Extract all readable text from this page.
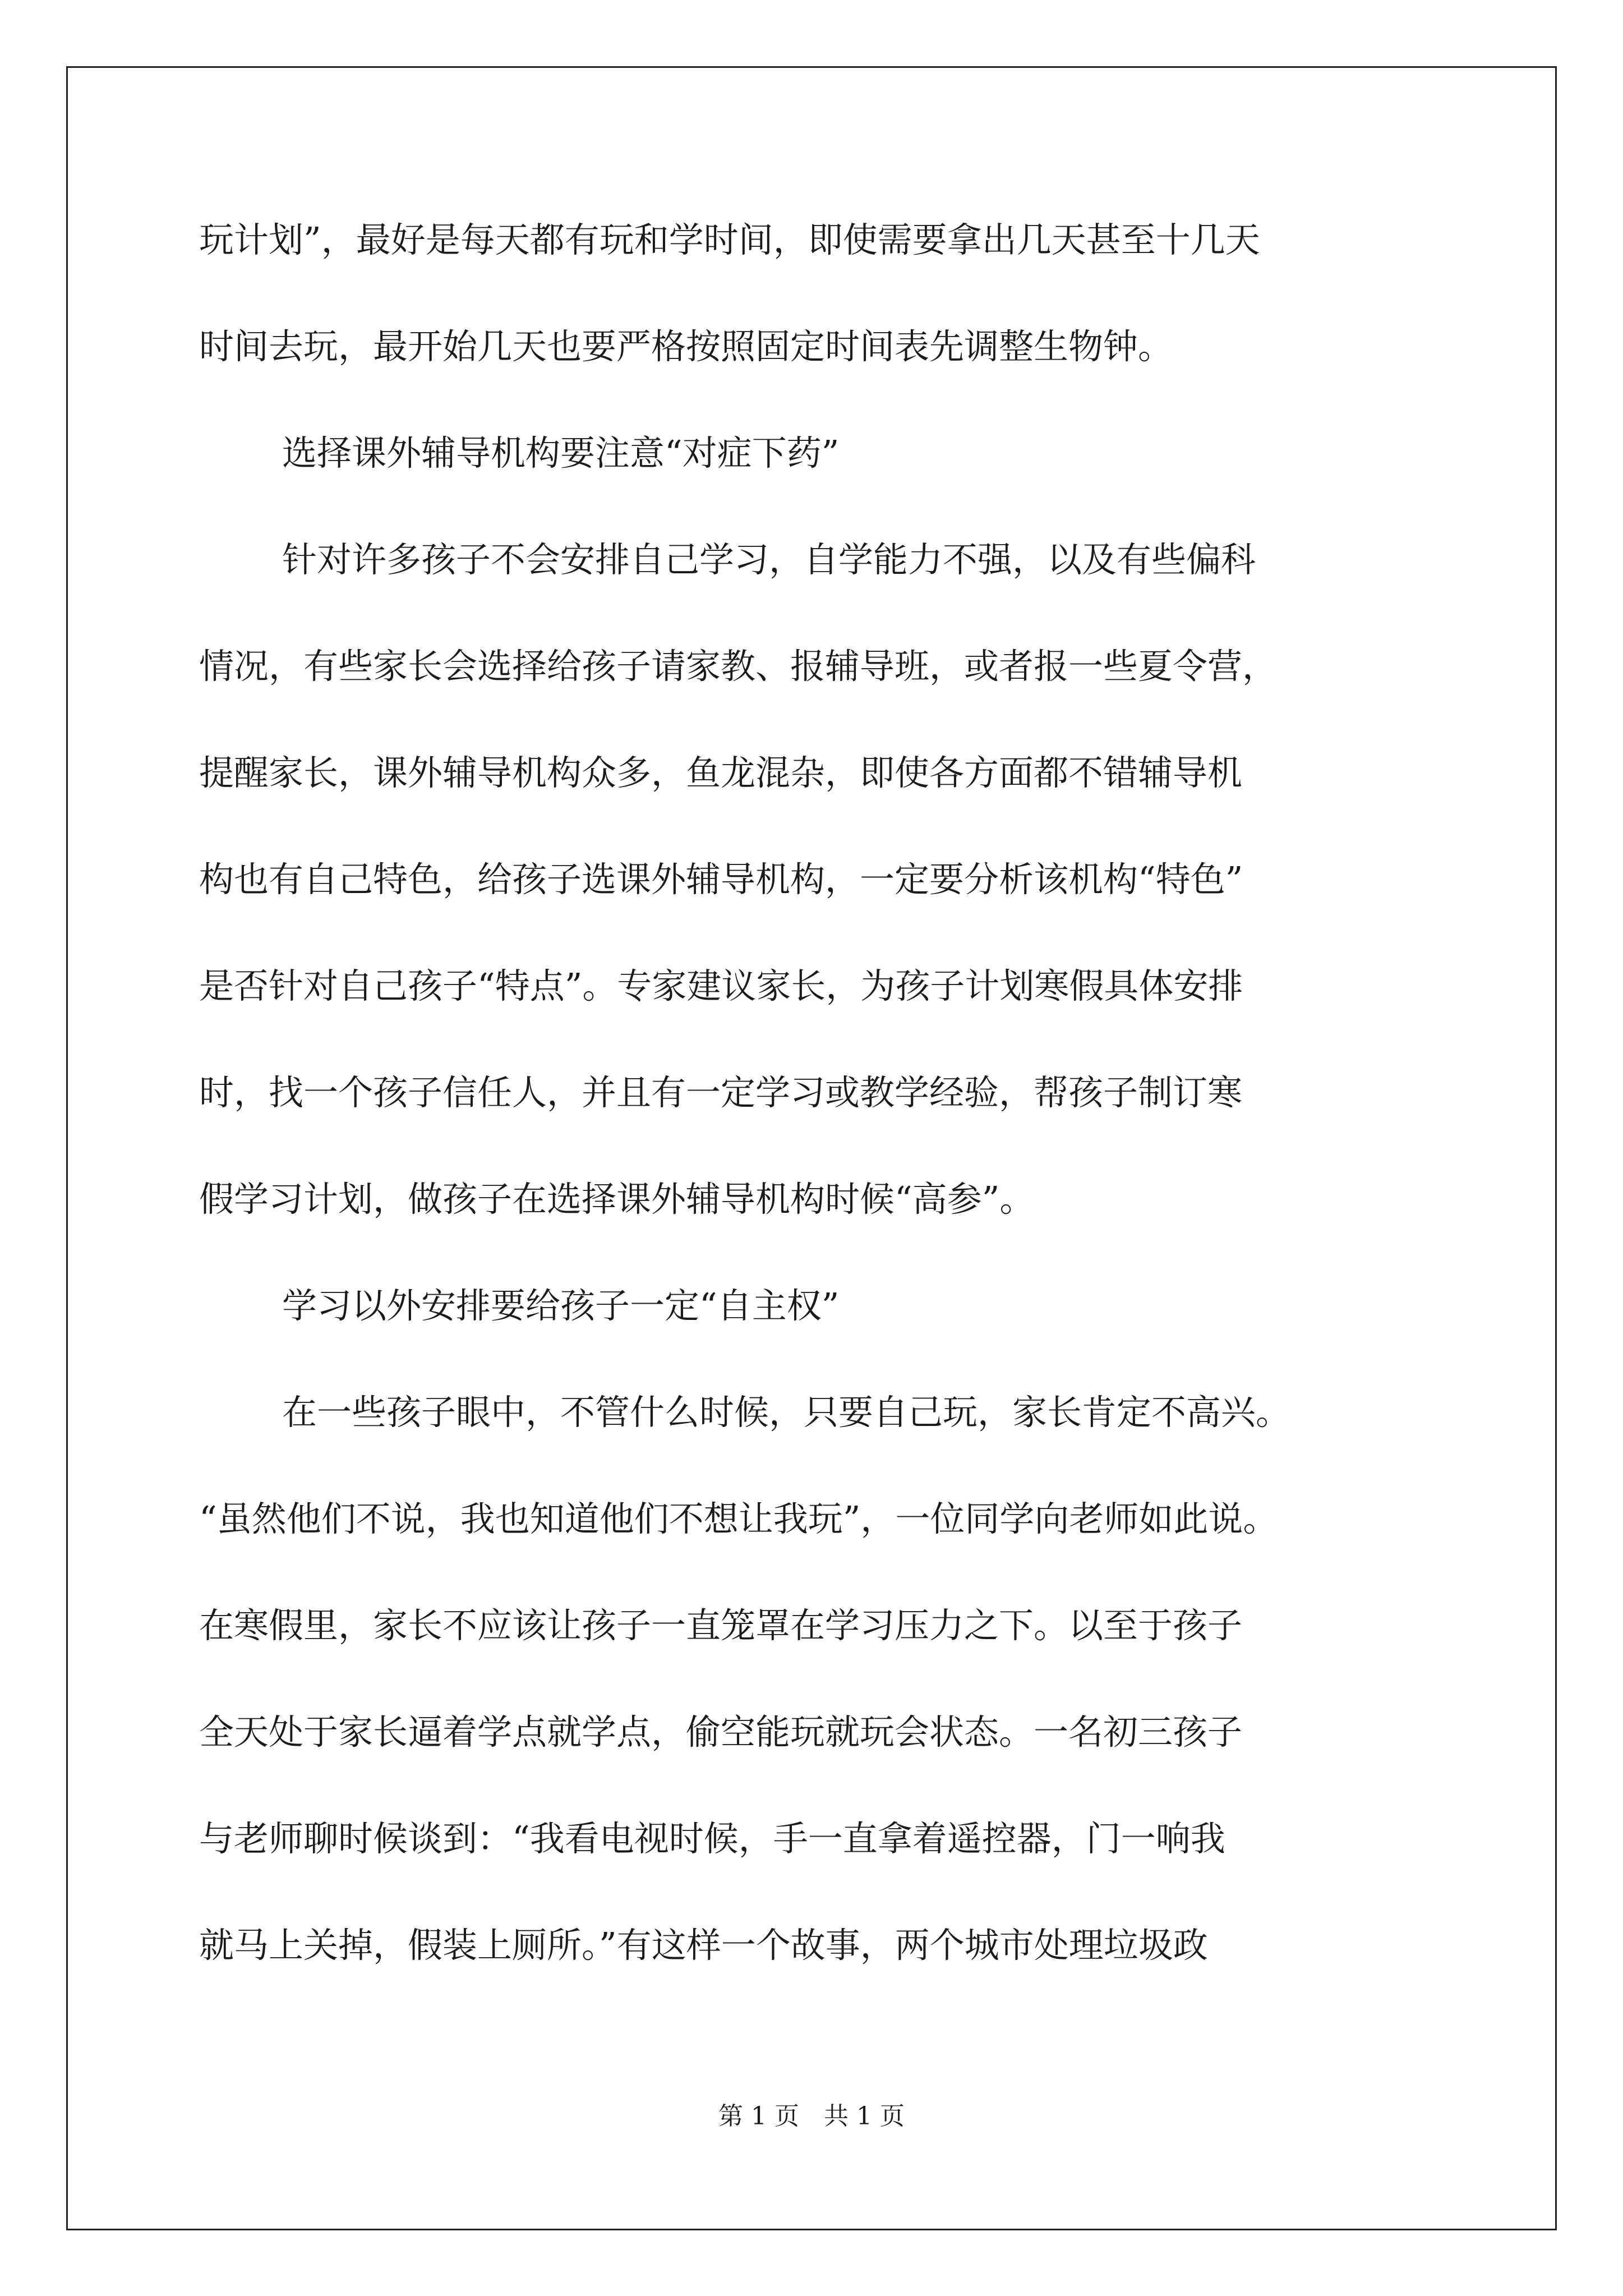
玩计划”，最好是每天都有玩和学时间，即使需要拿出几天甚至十几天
时间去玩，最开始几天也要严格按照固定时间表先调整生物钟。
选择课外辅导机构要注意“对症下药”
针对许多孩子不会安排自己学习，自学能力不强，以及有些偏科
情况，有些家长会选择给孩子请家教、报辅导班，或者报一些夏令营，
提醒家长，课外辅导机构众多，鱼龙混杂，即使各方面都不错辅导机
构也有自己特色，给孩子选课外辅导机构，一定要分析该机构“特色”
是否针对自己孩子“特点”。专家建议家长，为孩子计划寒假具体安排
时，找一个孩子信任人，并且有一定学习或教学经验，帮孩子制订寒
假学习计划，做孩子在选择课外辅导机构时候“高参”。
学习以外安排要给孩子一定“自主权”
在一些孩子眼中，不管什么时候，只要自己玩，家长肯定不高兴。
“虽然他们不说，我也知道他们不想让我玩”，一位同学向老师如此说。
在寒假里，家长不应该让孩子一直笼罩在学习压力之下。以至于孩子
全天处于家长逼着学点就学点，偷空能玩就玩会状态。一名初三孩子
与老师聊时候谈到：“我看电视时候，手一直拿着遥控器，门一响我
就马上关掉，假装上厕所。”有这样一个故事，两个城市处理垃圾政
第 1 页　共 1 页
